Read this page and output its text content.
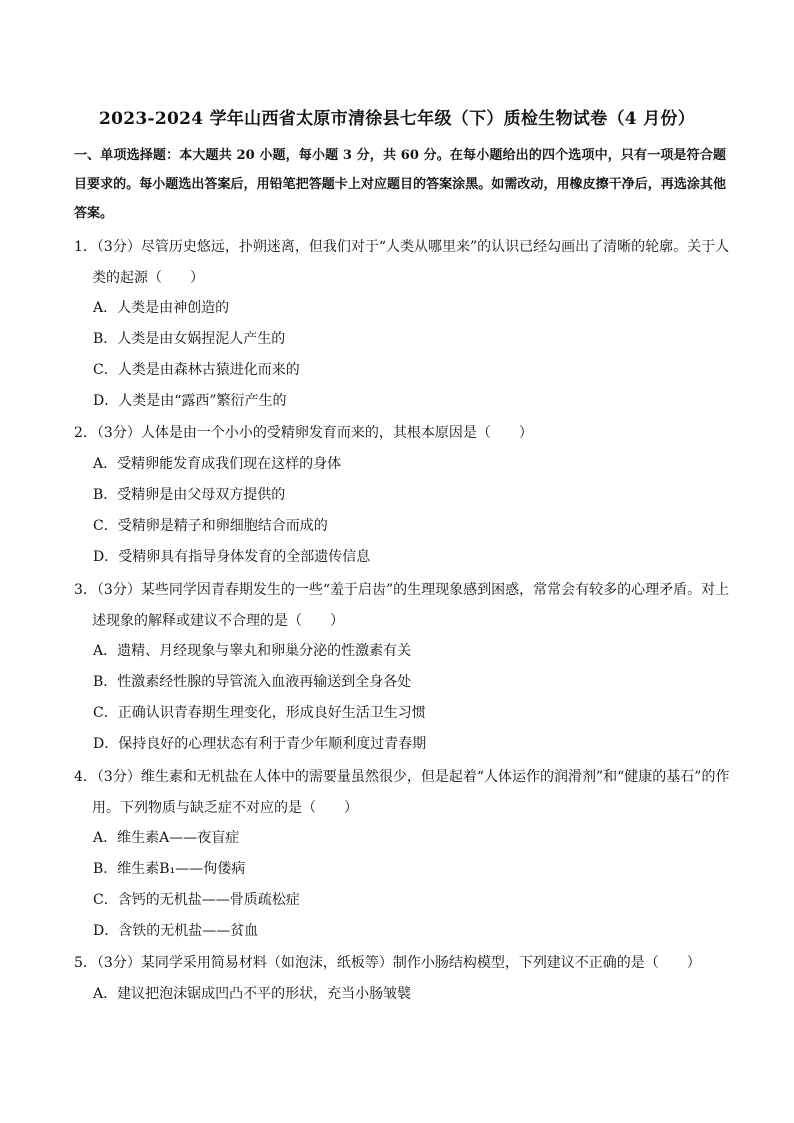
2023-2024 学年山西省太原市清徐县七年级（下）质检生物试卷（4 月份）
一、单项选择题：本大题共 20 小题，每小题 3 分，共 60 分。在每小题给出的四个选项中，只有一项是符合题目要求的。每小题选出答案后，用铅笔把答题卡上对应题目的答案涂黑。如需改动，用橡皮擦干净后，再选涂其他答案。
1．（3分）尽管历史悠远，扑朔迷离，但我们对于“人类从哪里来”的认识已经勾画出了清晰的轮廓。关于人类的起源（　　）
A．人类是由神创造的
B．人类是由女娲捏泥人产生的
C．人类是由森林古猿进化而来的
D．人类是由“露西”繁衍产生的
2．（3分）人体是由一个小小的受精卵发育而来的，其根本原因是（　　）
A．受精卵能发育成我们现在这样的身体
B．受精卵是由父母双方提供的
C．受精卵是精子和卵细胞结合而成的
D．受精卵具有指导身体发育的全部遗传信息
3．（3分）某些同学因青春期发生的一些“羞于启齿”的生理现象感到困惑，常常会有较多的心理矛盾。对上述现象的解释或建议不合理的是（　　）
A．遗精、月经现象与睾丸和卵巢分泌的性激素有关
B．性激素经性腺的导管流入血液再输送到全身各处
C．正确认识青春期生理变化，形成良好生活卫生习惯
D．保持良好的心理状态有利于青少年顺利度过青春期
4．（3分）维生素和无机盐在人体中的需要量虽然很少，但是起着“人体运作的润滑剂”和“健康的基石”的作用。下列物质与缺乏症不对应的是（　　）
A．维生素A——夜盲症
B．维生素B₁——佝偻病
C．含钙的无机盐——骨质疏松症
D．含铁的无机盐——贫血
5．（3分）某同学采用简易材料（如泡沫，纸板等）制作小肠结构模型，下列建议不正确的是（　　）
A．建议把泡沫锯成凹凸不平的形状，充当小肠皱襞
